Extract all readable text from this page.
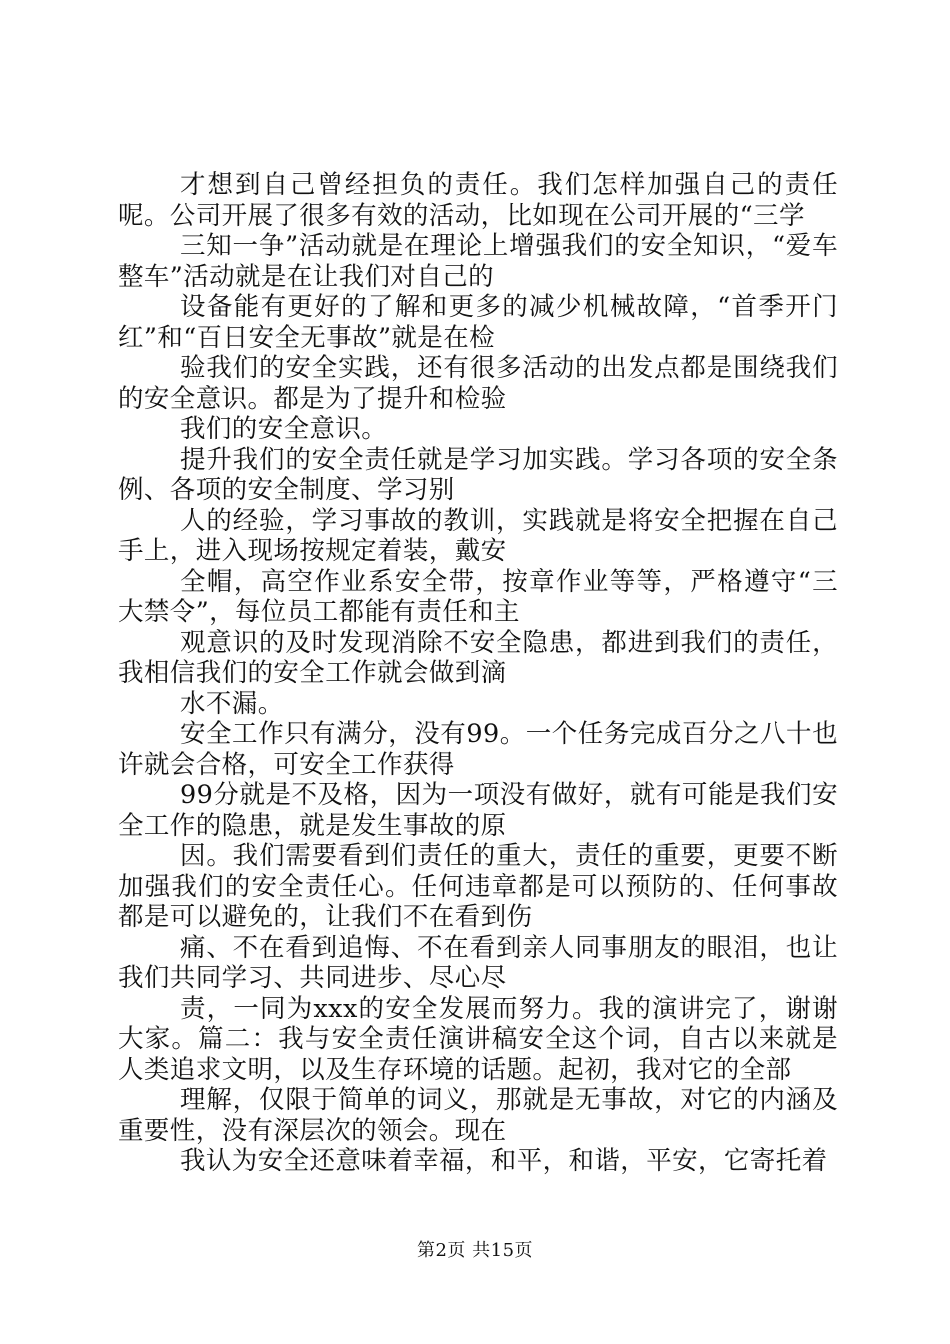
才想到自己曾经担负的责任。我们怎样加强自己的责任呢。公司开展了很多有效的活动，比如现在公司开展的“三学

三知一争”活动就是在理论上增强我们的安全知识，“爱车整车”活动就是在让我们对自己的

设备能有更好的了解和更多的减少机械故障，“首季开门红”和“百日安全无事故”就是在检

验我们的安全实践，还有很多活动的出发点都是围绕我们的安全意识。都是为了提升和检验

我们的安全意识。

提升我们的安全责任就是学习加实践。学习各项的安全条例、各项的安全制度、学习别

人的经验，学习事故的教训，实践就是将安全把握在自己手上，进入现场按规定着装，戴安

全帽，高空作业系安全带，按章作业等等，严格遵守“三大禁令”，每位员工都能有责任和主

观意识的及时发现消除不安全隐患，都进到我们的责任，我相信我们的安全工作就会做到滴

水不漏。

安全工作只有满分，没有99。一个任务完成百分之八十也许就会合格，可安全工作获得

99分就是不及格，因为一项没有做好，就有可能是我们安全工作的隐患，就是发生事故的原

因。我们需要看到们责任的重大，责任的重要，更要不断加强我们的安全责任心。任何违章都是可以预防的、任何事故都是可以避免的，让我们不在看到伤

痛、不在看到追悔、不在看到亲人同事朋友的眼泪，也让我们共同学习、共同进步、尽心尽

责，一同为xxx的安全发展而努力。我的演讲完了，谢谢大家。篇二：我与安全责任演讲稿安全这个词，自古以来就是人类追求文明，以及生存环境的话题。起初，我对它的全部

理解，仅限于简单的词义，那就是无事故，对它的内涵及重要性，没有深层次的领会。现在

我认为安全还意味着幸福，和平，和谐，平安，它寄托着

第2页 共15页
